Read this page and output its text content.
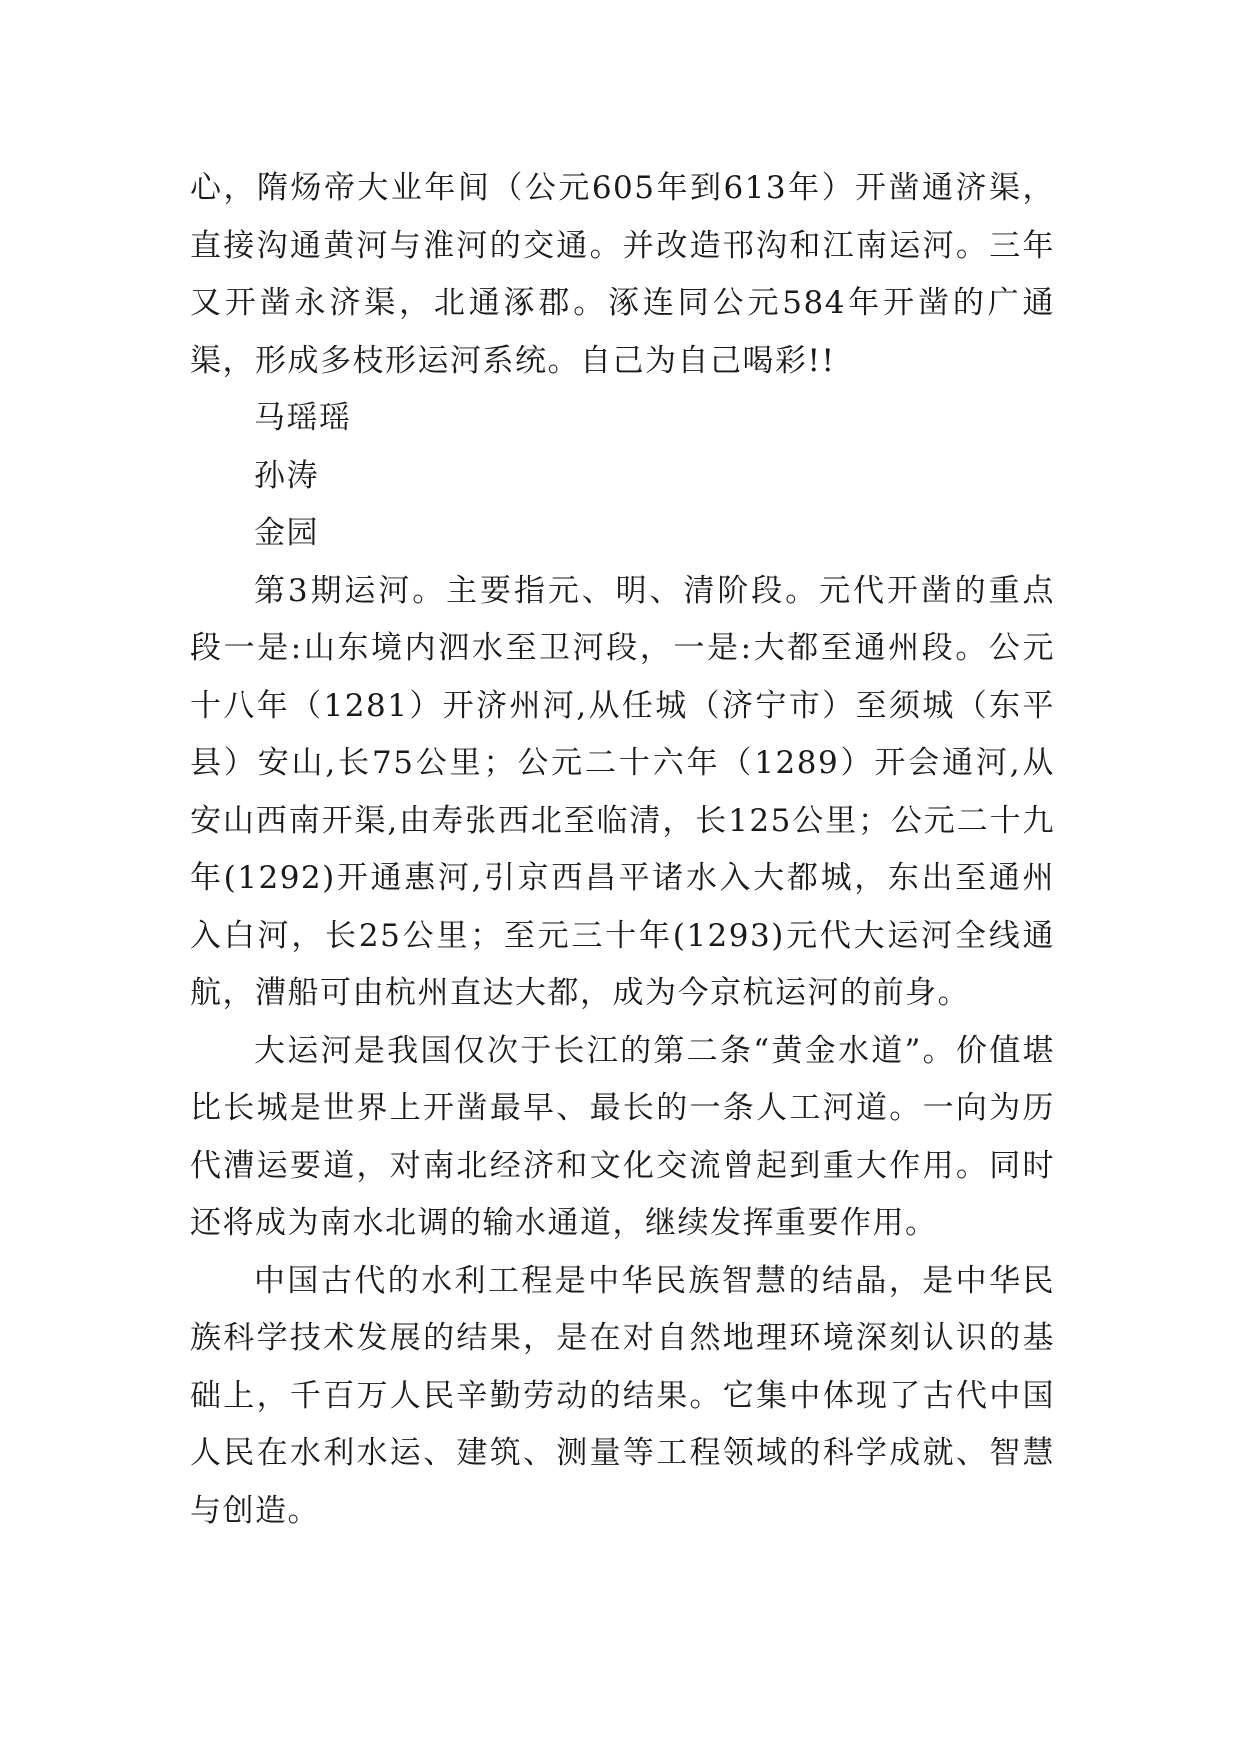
心，隋炀帝大业年间（公元605年到613年）开凿通济渠，直接沟通黄河与淮河的交通。并改造邗沟和江南运河。三年又开凿永济渠，北通涿郡。涿连同公元584年开凿的广通渠，形成多枝形运河系统。自己为自己喝彩!!

马瑶瑶

孙涛

金园

第3期运河。主要指元、明、清阶段。元代开凿的重点段一是:山东境内泗水至卫河段，一是:大都至通州段。公元十八年（1281）开济州河,从任城（济宁市）至须城（东平县）安山,长75公里；公元二十六年（1289）开会通河,从安山西南开渠,由寿张西北至临清，长125公里；公元二十九年(1292)开通惠河,引京西昌平诸水入大都城，东出至通州入白河，长25公里；至元三十年(1293)元代大运河全线通航，漕船可由杭州直达大都，成为今京杭运河的前身。

大运河是我国仅次于长江的第二条“黄金水道”。价值堪比长城是世界上开凿最早、最长的一条人工河道。一向为历代漕运要道，对南北经济和文化交流曾起到重大作用。同时还将成为南水北调的输水通道，继续发挥重要作用。

中国古代的水利工程是中华民族智慧的结晶，是中华民族科学技术发展的结果，是在对自然地理环境深刻认识的基础上，千百万人民辛勤劳动的结果。它集中体现了古代中国人民在水利水运、建筑、测量等工程领域的科学成就、智慧与创造。
